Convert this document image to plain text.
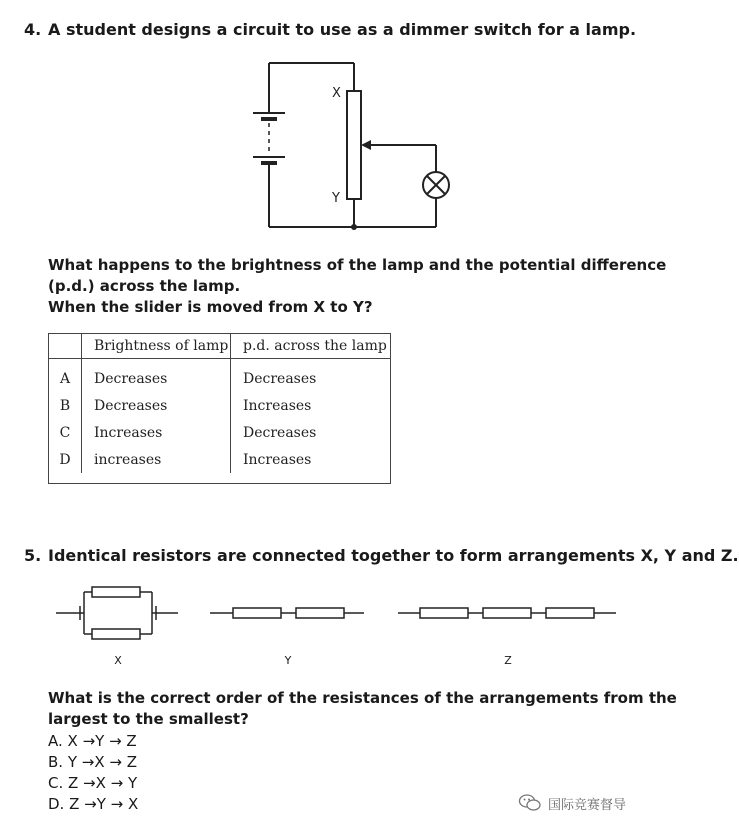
4. A student designs a circuit to use as a dimmer switch for a lamp.
X
Y
What happens to the brightness of the lamp and the potential difference
(p.d.) across the lamp.
When the slider is moved from X to Y?
	Brightness of lamp	p.d. across the lamp
A	Decreases	Decreases
B	Decreases	Increases
C	Increases	Decreases
D	increases	Increases
5. Identical resistors are connected together to form arrangements X, Y and Z.
X	Y	Z
What is the correct order of the resistances of the arrangements from the
largest to the smallest?
A. X →Y → Z
B. Y →X → Z
C. Z →X → Y
D. Z →Y → X	国际竞赛督导
